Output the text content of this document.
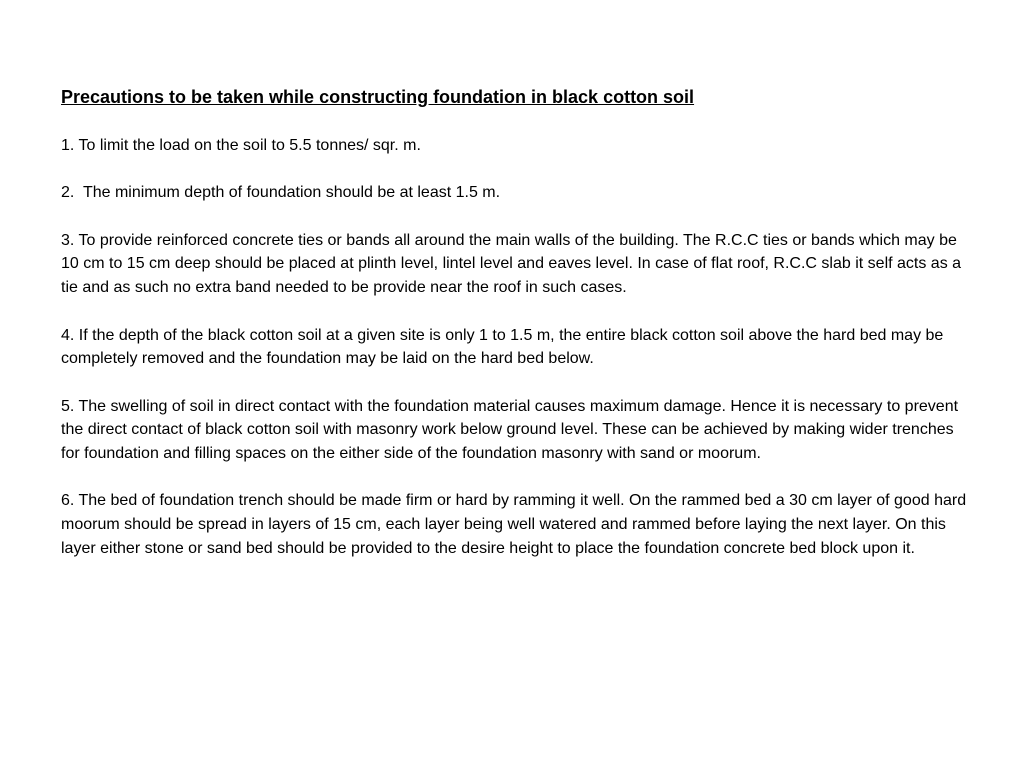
Precautions to be taken while constructing foundation in black cotton soil

1. To limit the load on the soil to 5.5 tonnes/ sqr. m.

2.  The minimum depth of foundation should be at least 1.5 m.

3. To provide reinforced concrete ties or bands all around the main walls of the building. The R.C.C ties or bands which may be 10 cm to 15 cm deep should be placed at plinth level, lintel level and eaves level. In case of flat roof, R.C.C slab it self acts as a tie and as such no extra band needed to be provide near the roof in such cases.

4. If the depth of the black cotton soil at a given site is only 1 to 1.5 m, the entire black cotton soil above the hard bed may be completely removed and the foundation may be laid on the hard bed below.

5. The swelling of soil in direct contact with the foundation material causes maximum damage. Hence it is necessary to prevent the direct contact of black cotton soil with masonry work below ground level. These can be achieved by making wider trenches for foundation and filling spaces on the either side of the foundation masonry with sand or moorum.

6. The bed of foundation trench should be made firm or hard by ramming it well. On the rammed bed a 30 cm layer of good hard moorum should be spread in layers of 15 cm, each layer being well watered and rammed before laying the next layer. On this layer either stone or sand bed should be provided to the desire height to place the foundation concrete bed block upon it.
